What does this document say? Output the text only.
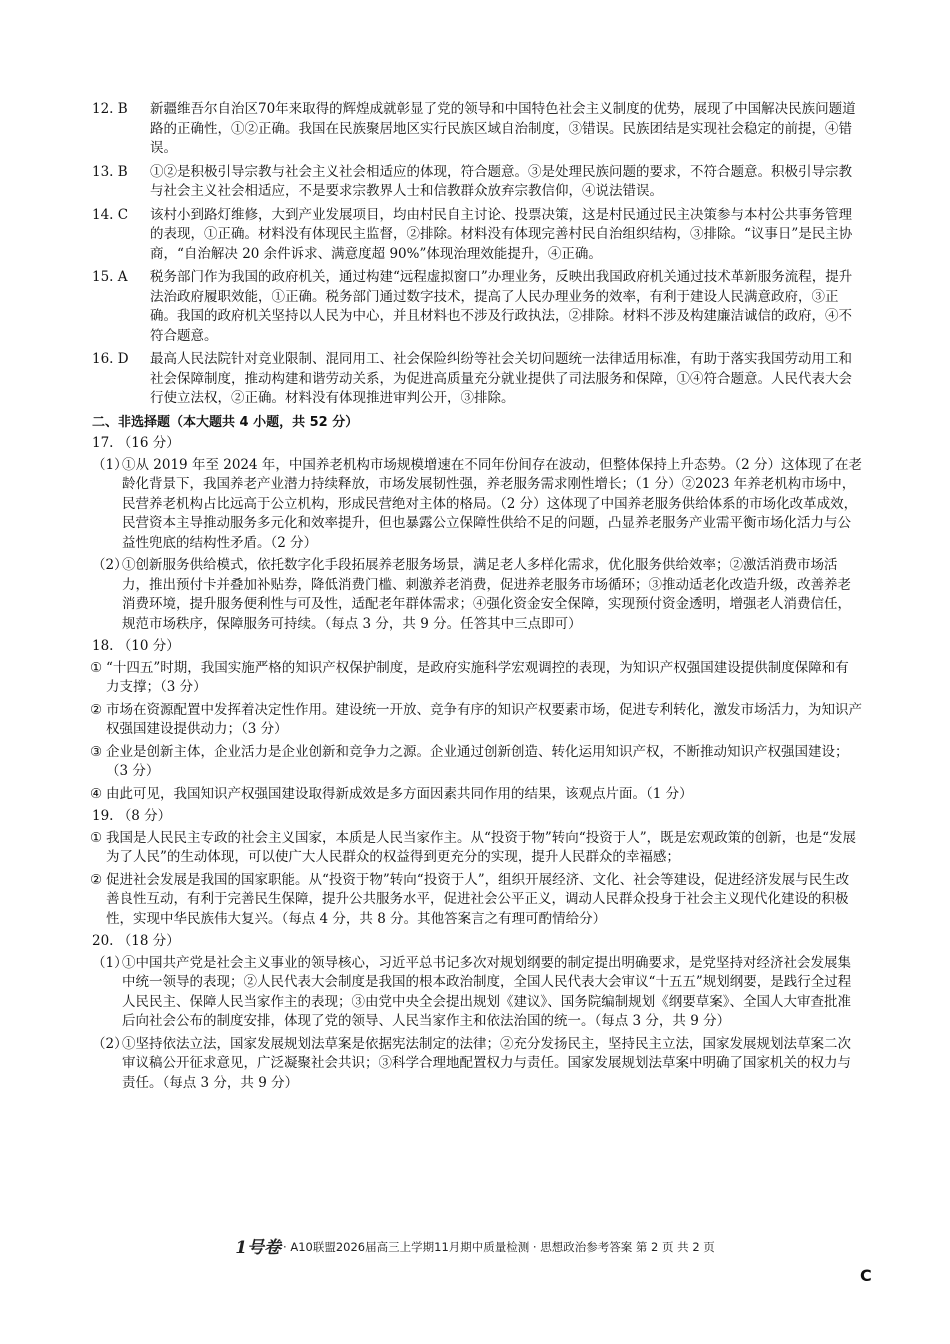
12. B	新疆维吾尔自治区70年来取得的辉煌成就彰显了党的领导和中国特色社会主义制度的优势，展现了中国解决民族问题道路的正确性，①②正确。我国在民族聚居地区实行民族区域自治制度，③错误。民族团结是实现社会稳定的前提，④错误。
13. B	①②是积极引导宗教与社会主义社会相适应的体现，符合题意。③是处理民族问题的要求，不符合题意。积极引导宗教与社会主义社会相适应，不是要求宗教界人士和信教群众放弃宗教信仰，④说法错误。
14. C	该村小到路灯维修，大到产业发展项目，均由村民自主讨论、投票决策，这是村民通过民主决策参与本村公共事务管理的表现，①正确。材料没有体现民主监督，②排除。材料没有体现完善村民自治组织结构，③排除。“议事日”是民主协商，“自治解决 20 余件诉求、满意度超 90%”体现治理效能提升，④正确。
15. A	税务部门作为我国的政府机关，通过构建“远程虚拟窗口”办理业务，反映出我国政府机关通过技术革新服务流程，提升法治政府履职效能，①正确。税务部门通过数字技术，提高了人民办理业务的效率，有利于建设人民满意政府，③正确。我国的政府机关坚持以人民为中心，并且材料也不涉及行政执法，②排除。材料不涉及构建廉洁诚信的政府，④不符合题意。
16. D	最高人民法院针对竞业限制、混同用工、社会保险纠纷等社会关切问题统一法律适用标准，有助于落实我国劳动用工和社会保障制度，推动构建和谐劳动关系，为促进高质量充分就业提供了司法服务和保障，①④符合题意。人民代表大会行使立法权，②正确。材料没有体现推进审判公开，③排除。
二、非选择题（本大题共 4 小题，共 52 分）
17. （16 分）
（1）
①从 2019 年至 2024 年，中国养老机构市场规模增速在不同年份间存在波动，但整体保持上升态势。（2 分）这体现了在老龄化背景下，我国养老产业潜力持续释放，市场发展韧性强，养老服务需求刚性增长；（1 分）②2023 年养老机构市场中，民营养老机构占比远高于公立机构，形成民营绝对主体的格局。（2 分）这体现了中国养老服务供给体系的市场化改革成效，民营资本主导推动服务多元化和效率提升，但也暴露公立保障性供给不足的问题，凸显养老服务产业需平衡市场化活力与公益性兜底的结构性矛盾。（2 分）
（2）
①创新服务供给模式，依托数字化手段拓展养老服务场景，满足老人多样化需求，优化服务供给效率；②激活消费市场活力，推出预付卡并叠加补贴券，降低消费门槛、刺激养老消费，促进养老服务市场循环；③推动适老化改造升级，改善养老消费环境，提升服务便利性与可及性，适配老年群体需求；④强化资金安全保障，实现预付资金透明，增强老人消费信任，规范市场秩序，保障服务可持续。（每点 3 分，共 9 分。任答其中三点即可）
18. （10 分）
① “十四五”时期，我国实施严格的知识产权保护制度，是政府实施科学宏观调控的表现，为知识产权强国建设提供制度保障和有力支撑；（3 分）
② 市场在资源配置中发挥着决定性作用。建设统一开放、竞争有序的知识产权要素市场，促进专利转化，激发市场活力，为知识产权强国建设提供动力；（3 分）
③ 企业是创新主体，企业活力是企业创新和竞争力之源。企业通过创新创造、转化运用知识产权，不断推动知识产权强国建设；（3 分）
④ 由此可见，我国知识产权强国建设取得新成效是多方面因素共同作用的结果，该观点片面。（1 分）
19. （8 分）
① 我国是人民民主专政的社会主义国家，本质是人民当家作主。从“投资于物”转向“投资于人”，既是宏观政策的创新，也是“发展为了人民”的生动体现，可以使广大人民群众的权益得到更充分的实现，提升人民群众的幸福感；
② 促进社会发展是我国的国家职能。从“投资于物”转向“投资于人”，组织开展经济、文化、社会等建设，促进经济发展与民生改善良性互动，有利于完善民生保障，提升公共服务水平，促进社会公平正义，调动人民群众投身于社会主义现代化建设的积极性，实现中华民族伟大复兴。（每点 4 分，共 8 分。其他答案言之有理可酌情给分）
20. （18 分）
（1）
①中国共产党是社会主义事业的领导核心，习近平总书记多次对规划纲要的制定提出明确要求，是党坚持对经济社会发展集中统一领导的表现；②人民代表大会制度是我国的根本政治制度，全国人民代表大会审议“十五五”规划纲要，是践行全过程人民民主、保障人民当家作主的表现；③由党中央全会提出规划《建议》、国务院编制规划《纲要草案》、全国人大审查批准后向社会公布的制度安排，体现了党的领导、人民当家作主和依法治国的统一。（每点 3 分，共 9 分）
（2）
①坚持依法立法，国家发展规划法草案是依据宪法制定的法律；②充分发扬民主，坚持民主立法，国家发展规划法草案二次审议稿公开征求意见，广泛凝聚社会共识；③科学合理地配置权力与责任。国家发展规划法草案中明确了国家机关的权力与责任。（每点 3 分，共 9 分）
1号卷 · A10联盟2026届高三上学期11月期中质量检测 · 思想政治参考答案 第 2 页 共 2 页
C
